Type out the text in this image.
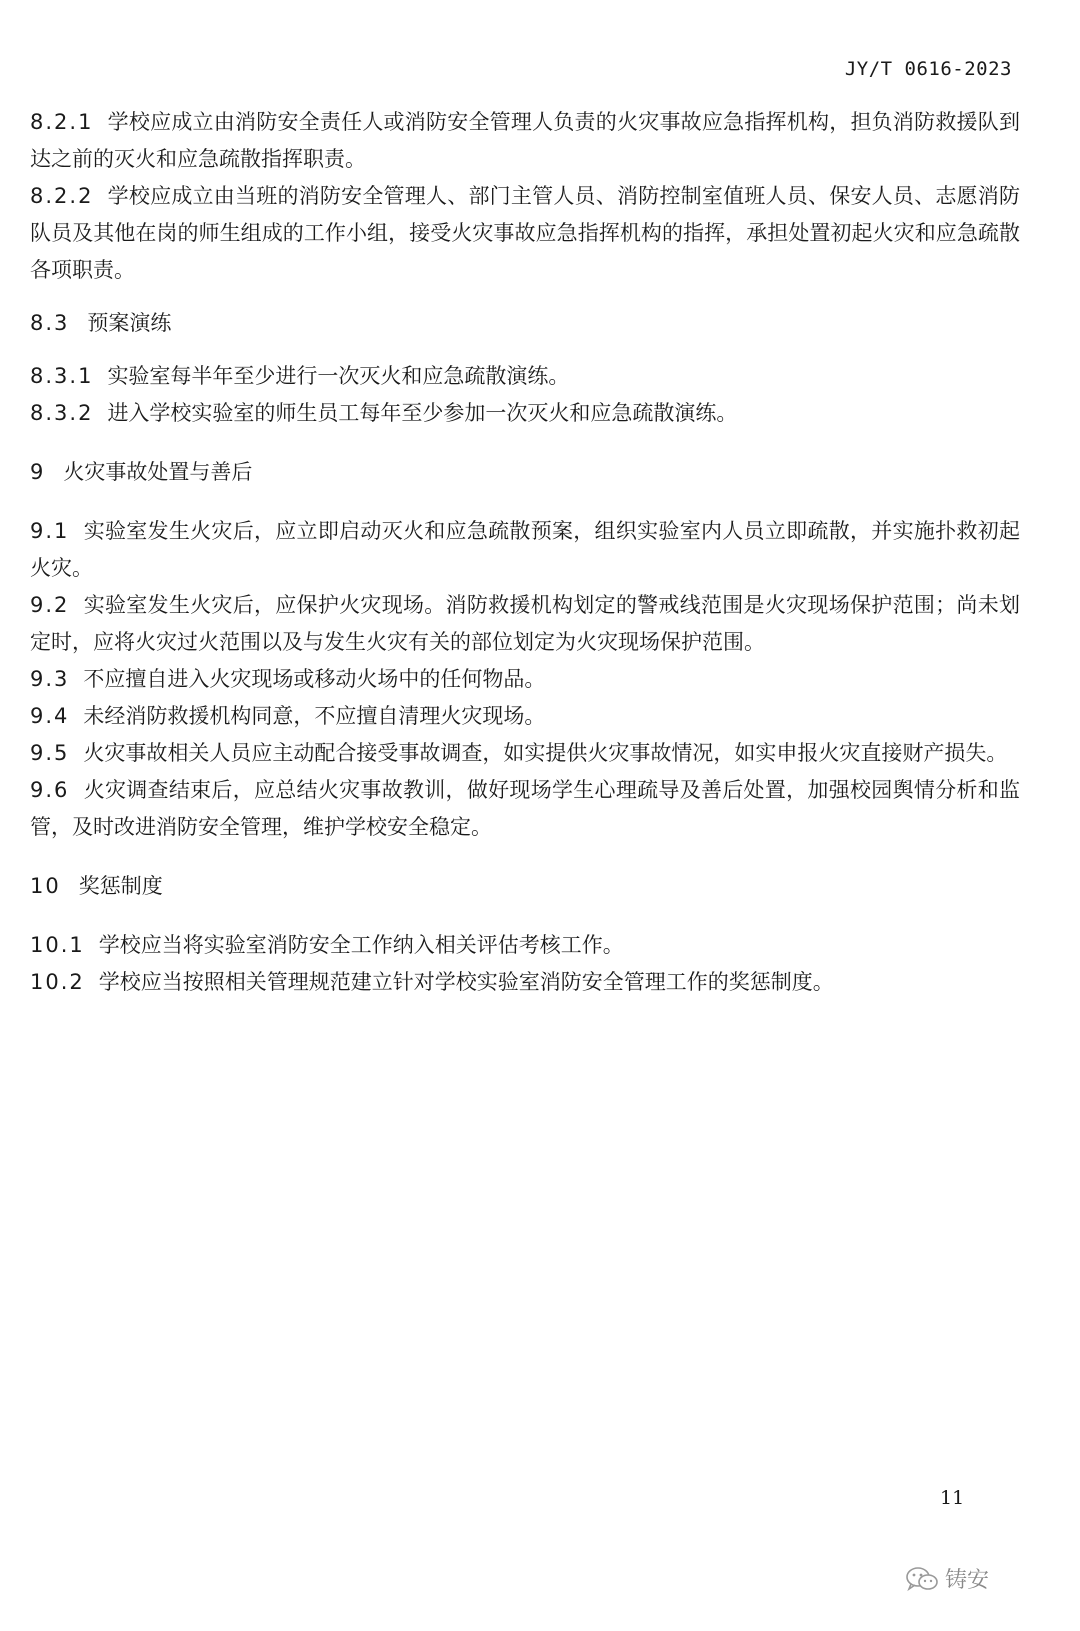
JY/T 0616-2023

8.2.1 学校应成立由消防安全责任人或消防安全管理人负责的火灾事故应急指挥机构，担负消防救援队到达之前的灭火和应急疏散指挥职责。

8.2.2 学校应成立由当班的消防安全管理人、部门主管人员、消防控制室值班人员、保安人员、志愿消防队员及其他在岗的师生组成的工作小组，接受火灾事故应急指挥机构的指挥，承担处置初起火灾和应急疏散各项职责。

8.3 预案演练

8.3.1 实验室每半年至少进行一次灭火和应急疏散演练。

8.3.2 进入学校实验室的师生员工每年至少参加一次灭火和应急疏散演练。

9 火灾事故处置与善后

9.1 实验室发生火灾后，应立即启动灭火和应急疏散预案，组织实验室内人员立即疏散，并实施扑救初起火灾。

9.2 实验室发生火灾后，应保护火灾现场。消防救援机构划定的警戒线范围是火灾现场保护范围；尚未划定时，应将火灾过火范围以及与发生火灾有关的部位划定为火灾现场保护范围。

9.3 不应擅自进入火灾现场或移动火场中的任何物品。

9.4 未经消防救援机构同意，不应擅自清理火灾现场。

9.5 火灾事故相关人员应主动配合接受事故调查，如实提供火灾事故情况，如实申报火灾直接财产损失。

9.6 火灾调查结束后，应总结火灾事故教训，做好现场学生心理疏导及善后处置，加强校园舆情分析和监管，及时改进消防安全管理，维护学校安全稳定。

10 奖惩制度

10.1 学校应当将实验室消防安全工作纳入相关评估考核工作。

10.2 学校应当按照相关管理规范建立针对学校实验室消防安全管理工作的奖惩制度。

11
铸安
